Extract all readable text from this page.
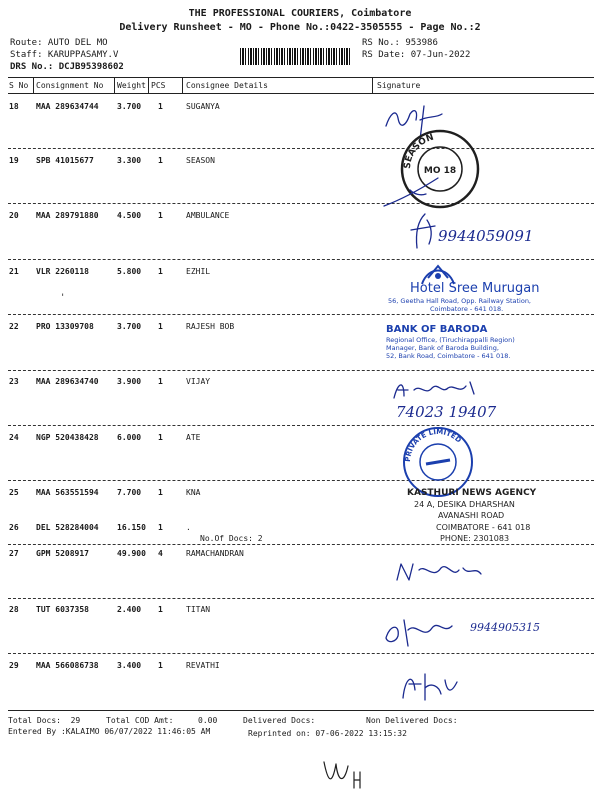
THE PROFESSIONAL COURIERS, Coimbatore
Delivery Runsheet - MO - Phone No.:0422-3505555 - Page No.:2
Route: AUTO DEL MO
Staff: KARUPPASAMY.V
DRS No.: DCJB95398602
RS No.: 953986
RS Date: 07-Jun-2022
S No Consignment No Weight PCS	Consignee Details	Signature
18 MAA 289634744 3.700 1	SUGANYA
19 SPB 41015677	3.300 1	SEASON
20 MAA 289791880 4.500 1	AMBULANCE
21 VLR 2260118	5.800 1	EZHIL
22 PRO 13309708	3.700 1	RAJESH BOB
23 MAA 289634740 3.900 1	VIJAY
24 NGP 520438428 6.000 1	ATE
25 MAA 563551594 7.700 1	KNA
26 DEL 528284004 16.150 1	.
No.Of Docs: 2
27 GPM 5208917	49.900 4	RAMACHANDRAN
28 TUT 6037358	2.400 1	TITAN
29 MAA 566086738 3.400 1	REVATHI
'
SEASON
MO 18
9944059091
Hotel Sree Murugan
56, Geetha Hall Road, Opp. Railway Station,
Coimbatore - 641 018.
BANK OF BARODA
Regional Office, (Tiruchirappalli Region)
Manager, Bank of Baroda Building,
52, Bank Road, Coimbatore - 641 018.
74023 19407
PRIVATE LIMITED
KASTHURI NEWS AGENCY
24 A, DESIKA DHARSHAN
AVANASHI ROAD
COIMBATORE - 641 018
PHONE: 2301083
9944905315
Total Docs:  29	Total COD Amt:	0.00	Delivered Docs:	Non Delivered Docs:
Entered By :KALAIMO 06/07/2022 11:46:05 AM	Reprinted on: 07-06-2022 13:15:32
